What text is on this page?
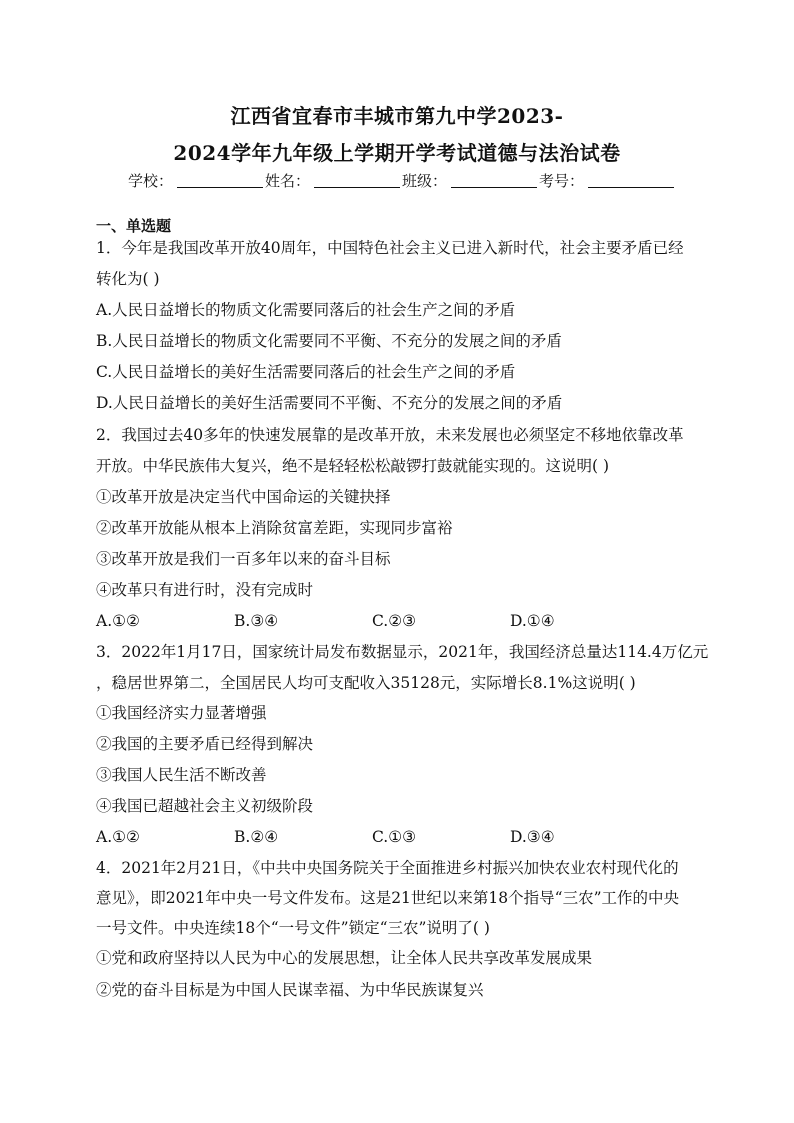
江西省宜春市丰城市第九中学2023-
2024学年九年级上学期开学考试道德与法治试卷
学校：	姓名：	班级：	考号：
一、单选题
1．今年是我国改革开放40周年，中国特色社会主义已进入新时代，社会主要矛盾已经
转化为( )
A.人民日益增长的物质文化需要同落后的社会生产之间的矛盾
B.人民日益增长的物质文化需要同不平衡、不充分的发展之间的矛盾
C.人民日益增长的美好生活需要同落后的社会生产之间的矛盾
D.人民日益增长的美好生活需要同不平衡、不充分的发展之间的矛盾
2．我国过去40多年的快速发展靠的是改革开放，未来发展也必须坚定不移地依靠改革
开放。中华民族伟大复兴，绝不是轻轻松松敲锣打鼓就能实现的。这说明( )
①改革开放是决定当代中国命运的关键抉择
②改革开放能从根本上消除贫富差距，实现同步富裕
③改革开放是我们一百多年以来的奋斗目标
④改革只有进行时，没有完成时
A.①②	B.③④	C.②③	D.①④
3．2022年1月17日，国家统计局发布数据显示，2021年，我国经济总量达114.4万亿元
，稳居世界第二，全国居民人均可支配收入35128元，实际增长8.1%这说明( )
①我国经济实力显著增强
②我国的主要矛盾已经得到解决
③我国人民生活不断改善
④我国已超越社会主义初级阶段
A.①②	B.②④	C.①③	D.③④
4．2021年2月21日，《中共中央国务院关于全面推进乡村振兴加快农业农村现代化的
意见》，即2021年中央一号文件发布。这是21世纪以来第18个指导“三农”工作的中央
一号文件。中央连续18个“一号文件”锁定“三农”说明了( )
①党和政府坚持以人民为中心的发展思想，让全体人民共享改革发展成果
②党的奋斗目标是为中国人民谋幸福、为中华民族谋复兴
